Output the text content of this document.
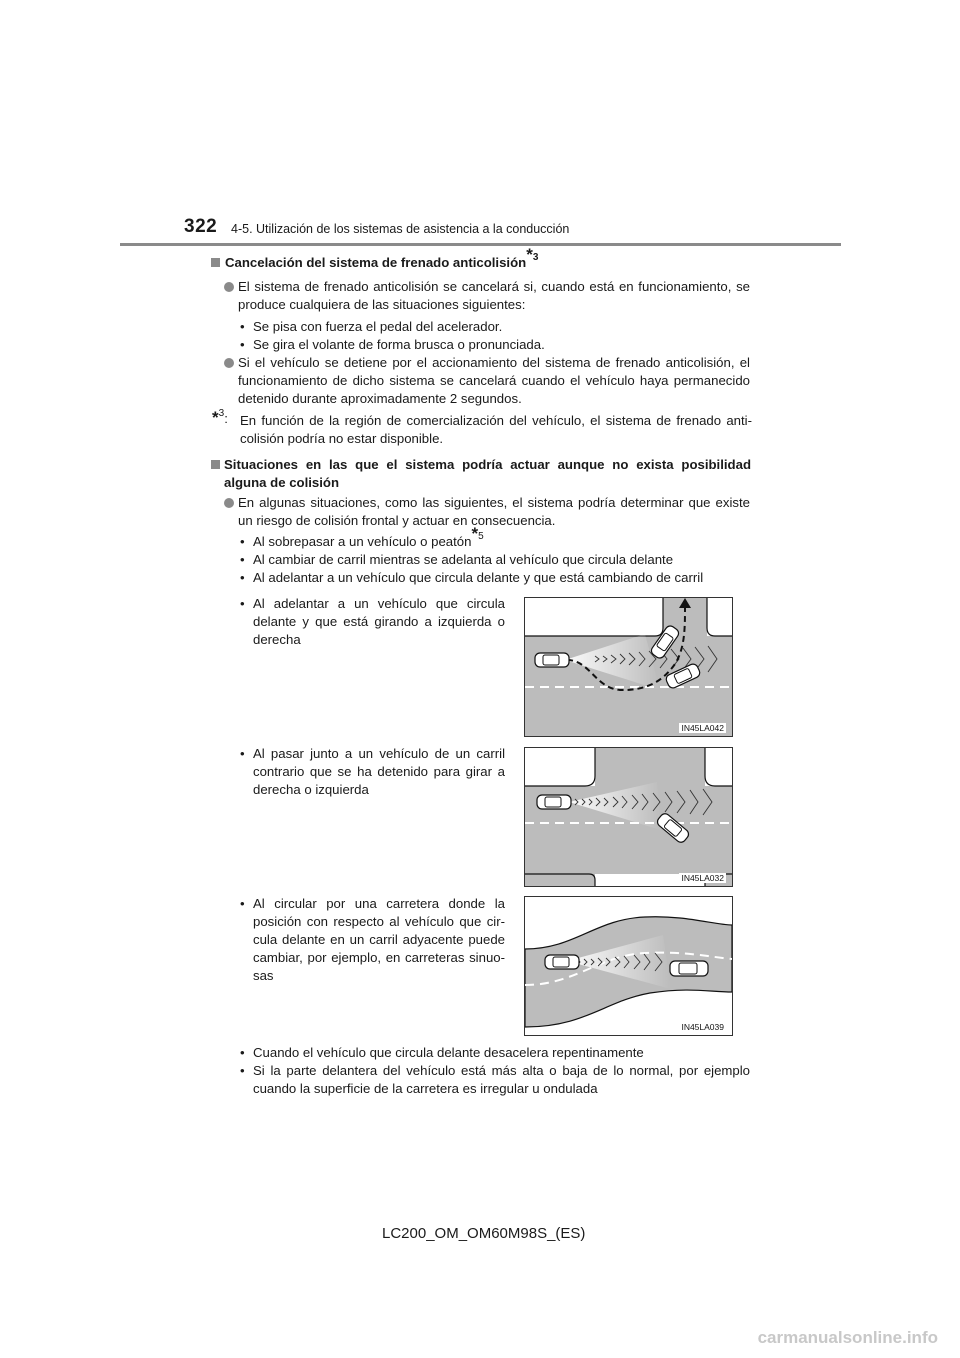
322 4-5. Utilización de los sistemas de asistencia a la conducción
Cancelación del sistema de frenado anticolisión$^{*3}$
El sistema de frenado anticolisión se cancelará si, cuando está en funcionamiento, se produce cualquiera de las situaciones siguientes:
• Se pisa con fuerza el pedal del acelerador.
• Se gira el volante de forma brusca o pronunciada.
Si el vehículo se detiene por el accionamiento del sistema de frenado anticolisión, el funcionamiento de dicho sistema se cancelará cuando el vehículo haya permanecido detenido durante aproximadamente 2 segundos.
*$^3$: En función de la región de comercialización del vehículo, el sistema de frenado anti-colisión podría no estar disponible.
Situaciones en las que el sistema podría actuar aunque no exista posibilidad alguna de colisión
En algunas situaciones, como las siguientes, el sistema podría determinar que existe un riesgo de colisión frontal y actuar en consecuencia.
• Al sobrepasar a un vehículo o peatón$^{*5}$
• Al cambiar de carril mientras se adelanta al vehículo que circula delante
• Al adelantar a un vehículo que circula delante y que está cambiando de carril
• Al adelantar a un vehículo que circula delante y que está girando a izquierda o derecha
• Al pasar junto a un vehículo de un carril contrario que se ha detenido para girar a derecha o izquierda
• Al circular por una carretera donde la posición con respecto al vehículo que cir-cula delante en un carril adyacente puede cambiar, por ejemplo, en carreteras sinuo-sas
IN45LA042
IN45LA032
IN45LA039
• Cuando el vehículo que circula delante desacelera repentinamente
• Si la parte delantera del vehículo está más alta o baja de lo normal, por ejemplo cuando la superficie de la carretera es irregular u ondulada
LC200_OM_OM60M98S_(ES)
carmanualsonline.info
